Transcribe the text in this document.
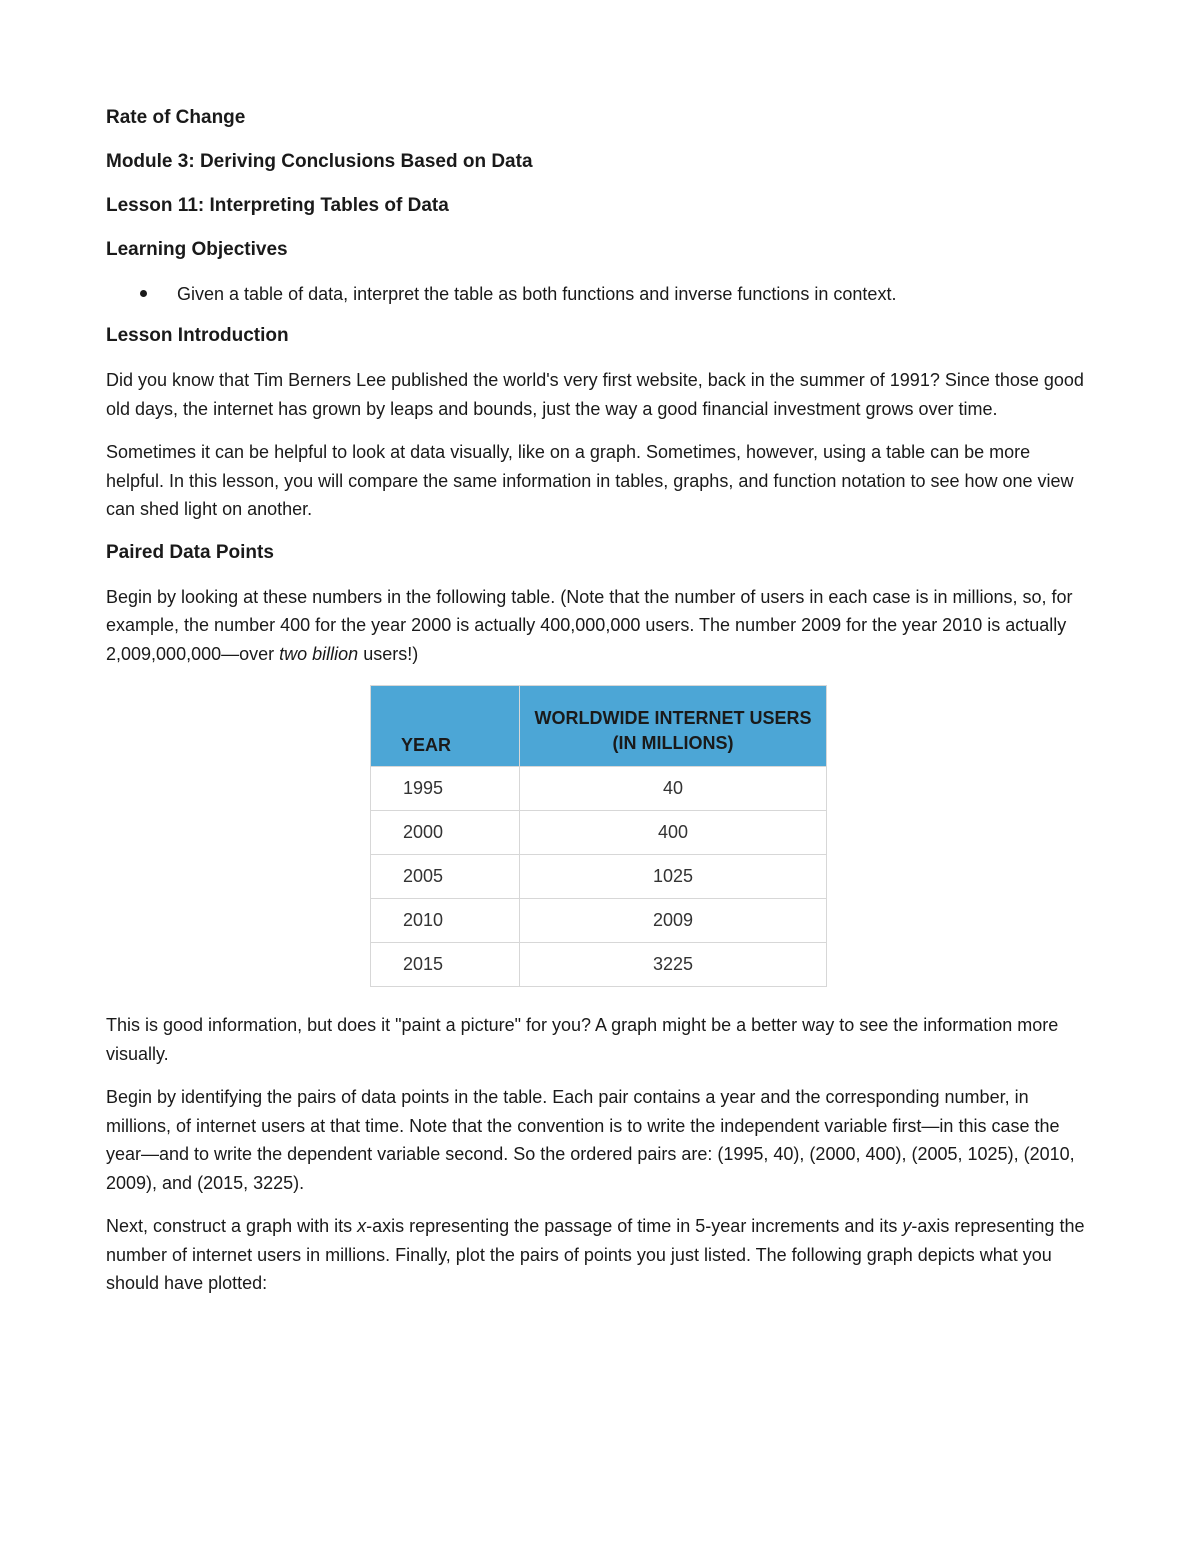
Rate of Change
Module 3: Deriving Conclusions Based on Data
Lesson 11: Interpreting Tables of Data
Learning Objectives
Given a table of data, interpret the table as both functions and inverse functions in context.
Lesson Introduction

Did you know that Tim Berners Lee published the world's very first website, back in the summer of 1991? Since those good old days, the internet has grown by leaps and bounds, just the way a good financial investment grows over time.

Sometimes it can be helpful to look at data visually, like on a graph. Sometimes, however, using a table can be more helpful. In this lesson, you will compare the same information in tables, graphs, and function notation to see how one view can shed light on another.

Paired Data Points

Begin by looking at these numbers in the following table. (Note that the number of users in each case is in millions, so, for example, the number 400 for the year 2000 is actually 400,000,000 users. The number 2009 for the year 2010 is actually 2,009,000,000—over two billion users!)

YEAR	WORLDWIDE INTERNET USERS
(IN MILLIONS)
1995	40
2000	400
2005	1025
2010	2009
2015	3225

This is good information, but does it "paint a picture" for you? A graph might be a better way to see the information more visually.

Begin by identifying the pairs of data points in the table. Each pair contains a year and the corresponding number, in millions, of internet users at that time. Note that the convention is to write the independent variable first—in this case the year—and to write the dependent variable second. So the ordered pairs are: (1995, 40), (2000, 400), (2005, 1025), (2010, 2009), and (2015, 3225).

Next, construct a graph with its x-axis representing the passage of time in 5-year increments and its y-axis representing the number of internet users in millions. Finally, plot the pairs of points you just listed. The following graph depicts what you should have plotted:
